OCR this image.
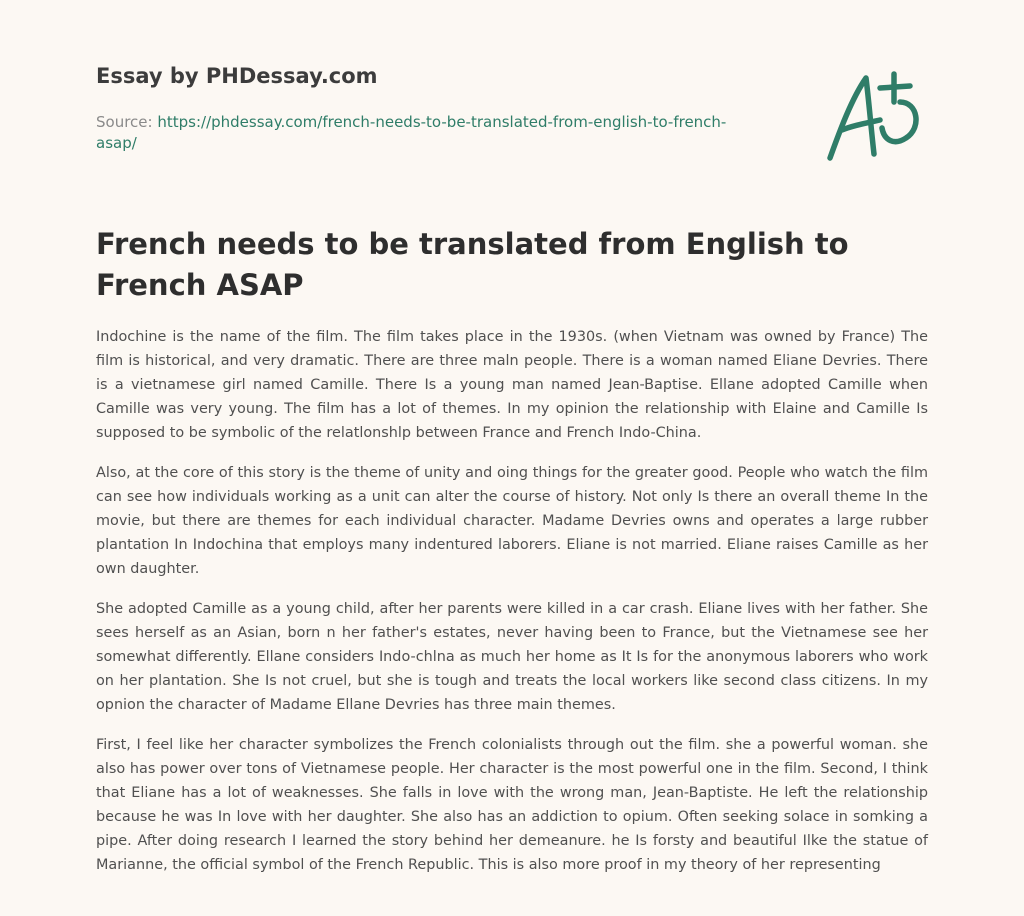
Essay by PHDessay.com
Source: https://phdessay.com/french-needs-to-be-translated-from-english-to-french-asap/
French needs to be translated from English to French ASAP

Indochine is the name of the film. The film takes place in the 1930s. (when Vietnam was owned by France) The film is historical, and very dramatic. There are three maln people. There is a woman named Eliane Devries. There is a vietnamese girl named Camille. There Is a young man named Jean-Baptise. Ellane adopted Camille when Camille was very young. The film has a lot of themes. In my opinion the relationship with Elaine and Camille Is supposed to be symbolic of the relatlonshlp between France and French Indo-China.

Also, at the core of this story is the theme of unity and oing things for the greater good. People who watch the film can see how individuals working as a unit can alter the course of history. Not only Is there an overall theme In the movie, but there are themes for each individual character. Madame Devries owns and operates a large rubber plantation In Indochina that employs many indentured laborers. Eliane is not married. Eliane raises Camille as her own daughter.

She adopted Camille as a young child, after her parents were killed in a car crash. Eliane lives with her father. She sees herself as an Asian, born n her father's estates, never having been to France, but the Vietnamese see her somewhat differently. Ellane considers Indo-chlna as much her home as It Is for the anonymous laborers who work on her plantation. She Is not cruel, but she is tough and treats the local workers like second class citizens. In my opnion the character of Madame Ellane Devries has three main themes.

First, I feel like her character symbolizes the French colonialists through out the film. she a powerful woman. she also has power over tons of Vietnamese people. Her character is the most powerful one in the film. Second, I think that Eliane has a lot of weaknesses. She falls in love with the wrong man, Jean-Baptiste. He left the relationship because he was In love with her daughter. She also has an addiction to opium. Often seeking solace in somking a pipe. After doing research I learned the story behind her demeanure. he Is forsty and beautiful Ilke the statue of Marianne, the official symbol of the French Republic. This is also more proof in my theory of her representing
